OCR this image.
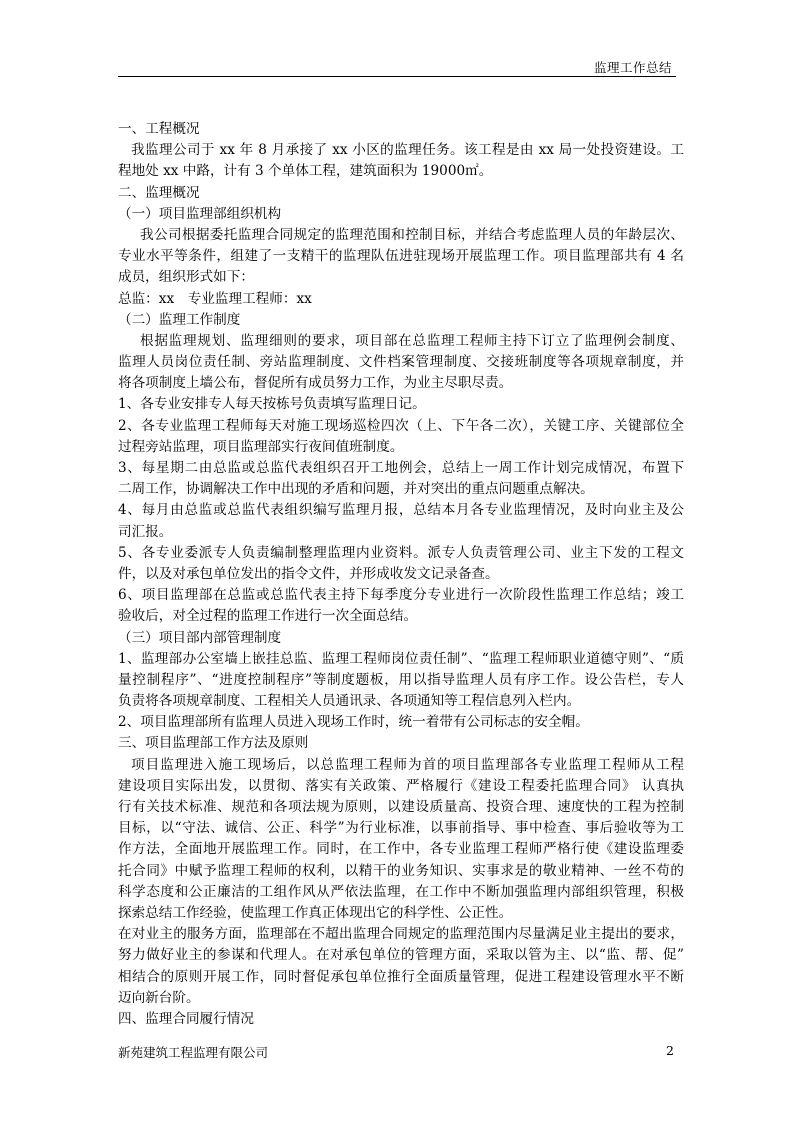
监理工作总结
一、工程概况
我监理公司于 xx 年 8 月承接了 xx 小区的监理任务。该工程是由 xx 局一处投资建设。工
程地处 xx 中路，计有 3 个单体工程，建筑面积为 19000㎡。
二、监理概况
（一）项目监理部组织机构
我公司根据委托监理合同规定的监理范围和控制目标，并结合考虑监理人员的年龄层次、
专业水平等条件，组建了一支精干的监理队伍进驻现场开展监理工作。项目监理部共有 4 名
成员，组织形式如下：
总监：xx　专业监理工程师：xx
（二）监理工作制度
根据监理规划、监理细则的要求，项目部在总监理工程师主持下订立了监理例会制度、
监理人员岗位责任制、旁站监理制度、文件档案管理制度、交接班制度等各项规章制度，并
将各项制度上墙公布，督促所有成员努力工作，为业主尽职尽责。
1、各专业安排专人每天按栋号负责填写监理日记。
2、各专业监理工程师每天对施工现场巡检四次（上、下午各二次），关键工序、关键部位全
过程旁站监理，项目监理部实行夜间值班制度。
3、每星期二由总监或总监代表组织召开工地例会，总结上一周工作计划完成情况，布置下
二周工作，协调解决工作中出现的矛盾和问题，并对突出的重点问题重点解决。
4、每月由总监或总监代表组织编写监理月报，总结本月各专业监理情况，及时向业主及公
司汇报。
5、各专业委派专人负责编制整理监理内业资料。派专人负责管理公司、业主下发的工程文
件，以及对承包单位发出的指令文件，并形成收发文记录备查。
6、项目监理部在总监或总监代表主持下每季度分专业进行一次阶段性监理工作总结；竣工
验收后，对全过程的监理工作进行一次全面总结。
（三）项目部内部管理制度
1、监理部办公室墙上嵌挂总监、监理工程师岗位责任制”、“监理工程师职业道德守则”、“质
量控制程序”、“进度控制程序”等制度题板，用以指导监理人员有序工作。设公告栏，专人
负责将各项规章制度、工程相关人员通讯录、各项通知等工程信息列入栏内。
2、项目监理部所有监理人员进入现场工作时，统一着带有公司标志的安全帽。
三、项目监理部工作方法及原则
项目监理进入施工现场后，以总监理工程师为首的项目监理部各专业监理工程师从工程
建设项目实际出发，以贯彻、落实有关政策、严格履行《建设工程委托监理合同》 认真执
行有关技术标准、规范和各项法规为原则，以建设质量高、投资合理、速度快的工程为控制
目标，以“守法、诚信、公正、科学”为行业标准，以事前指导、事中检查、事后验收等为工
作方法，全面地开展监理工作。同时，在工作中，各专业监理工程师严格行使《建设监理委
托合同》中赋予监理工程师的权利，以精干的业务知识、实事求是的敬业精神、一丝不苟的
科学态度和公正廉洁的工组作风从严依法监理，在工作中不断加强监理内部组织管理，积极
探索总结工作经验，使监理工作真正体现出它的科学性、公正性。
在对业主的服务方面，监理部在不超出监理合同规定的监理范围内尽量满足业主提出的要求，
努力做好业主的参谋和代理人。在对承包单位的管理方面，采取以管为主、以“监、帮、促”
相结合的原则开展工作，同时督促承包单位推行全面质量管理，促进工程建设管理水平不断
迈向新台阶。
四、监理合同履行情况
新苑建筑工程监理有限公司	2
